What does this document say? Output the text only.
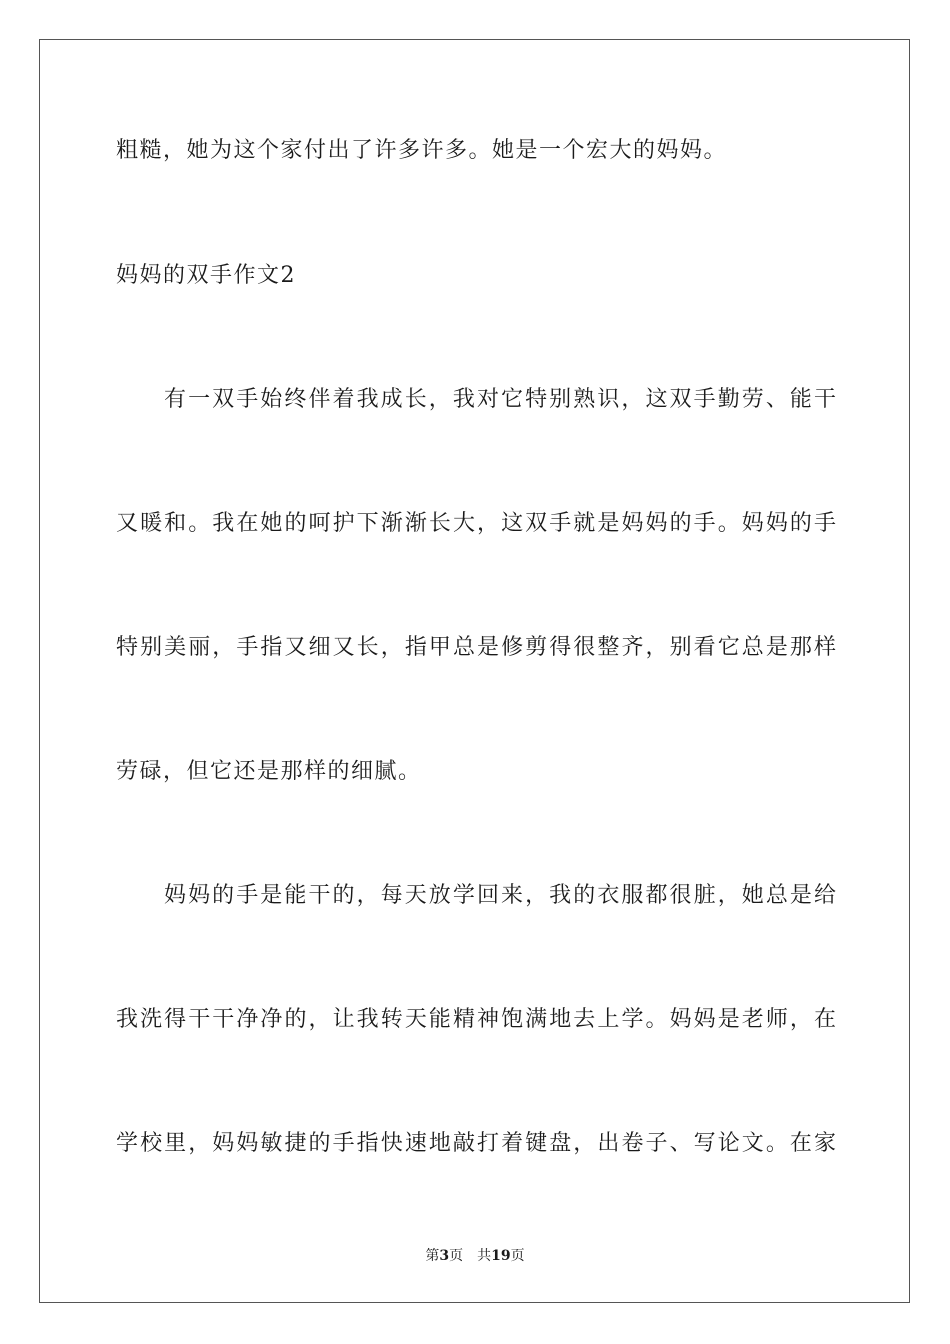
粗糙，她为这个家付出了许多许多。她是一个宏大的妈妈。
妈妈的双手作文2
有一双手始终伴着我成长，我对它特别熟识，这双手勤劳、能干
又暖和。我在她的呵护下渐渐长大，这双手就是妈妈的手。妈妈的手
特别美丽，手指又细又长，指甲总是修剪得很整齐，别看它总是那样
劳碌，但它还是那样的细腻。
妈妈的手是能干的，每天放学回来，我的衣服都很脏，她总是给
我洗得干干净净的，让我转天能精神饱满地去上学。妈妈是老师，在
学校里，妈妈敏捷的手指快速地敲打着键盘，出卷子、写论文。在家
第3页 共19页
